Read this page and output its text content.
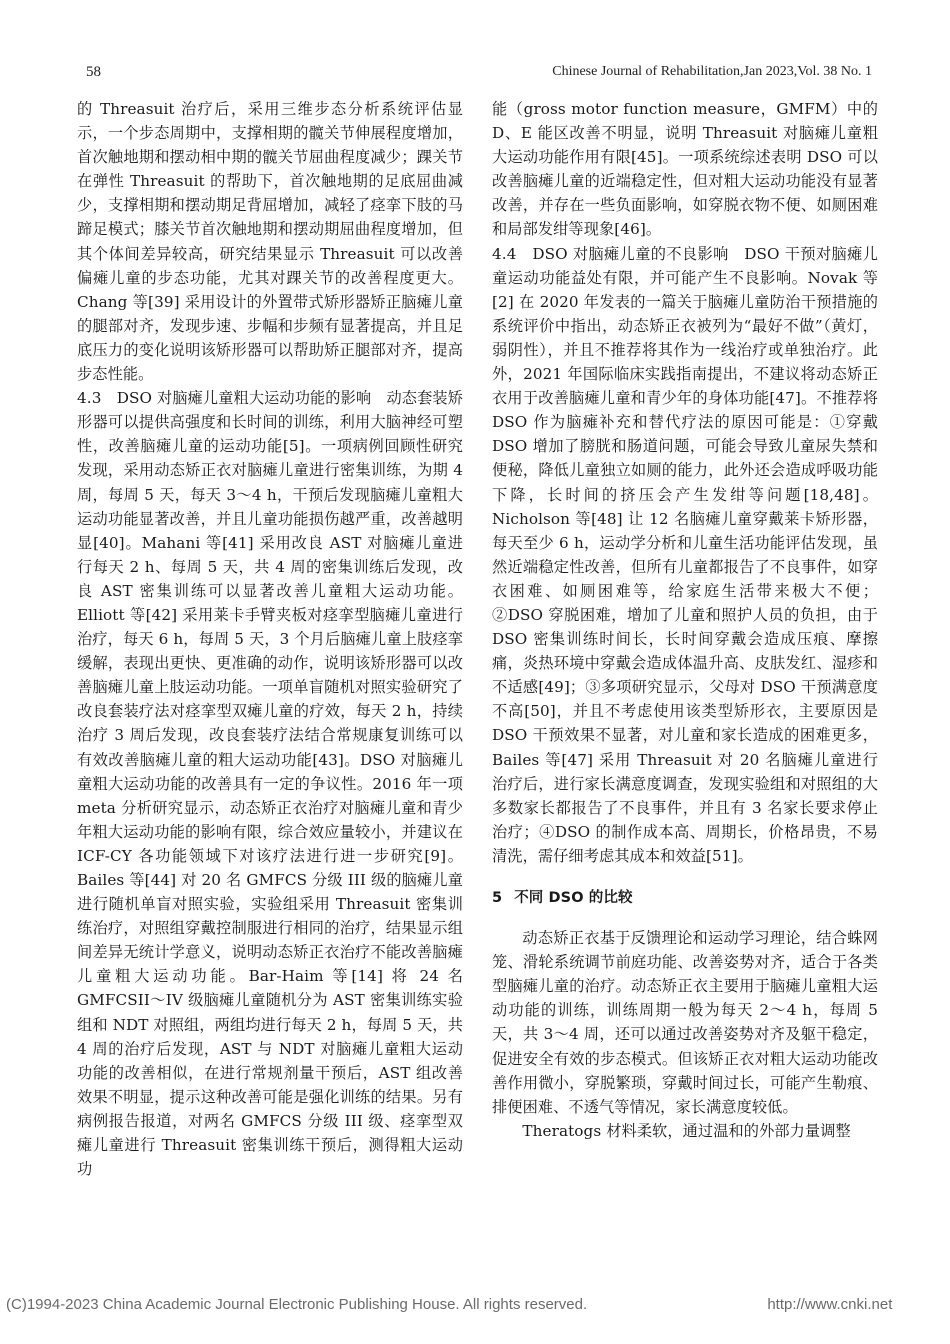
58	Chinese Journal of Rehabilitation,Jan 2023,Vol. 38 No. 1

的 Threasuit 治疗后，采用三维步态分析系统评估显示，一个步态周期中，支撑相期的髋关节伸展程度增加，首次触地期和摆动相中期的髋关节屈曲程度减少；踝关节在弹性 Threasuit 的帮助下，首次触地期的足底屈曲减少，支撑相期和摆动期足背屈增加，减轻了痉挛下肢的马蹄足模式；膝关节首次触地期和摆动期屈曲程度增加，但其个体间差异较高，研究结果显示 Threasuit 可以改善偏瘫儿童的步态功能，尤其对踝关节的改善程度更大。Chang 等[39] 采用设计的外置带式矫形器矫正脑瘫儿童的腿部对齐，发现步速、步幅和步频有显著提高，并且足底压力的变化说明该矫形器可以帮助矫正腿部对齐，提高步态性能。

4.3　DSO 对脑瘫儿童粗大运动功能的影响　动态套装矫形器可以提供高强度和长时间的训练，利用大脑神经可塑性，改善脑瘫儿童的运动功能[5]。一项病例回顾性研究发现，采用动态矫正衣对脑瘫儿童进行密集训练，为期 4 周，每周 5 天，每天 3～4 h，干预后发现脑瘫儿童粗大运动功能显著改善，并且儿童功能损伤越严重，改善越明显[40]。Mahani 等[41] 采用改良 AST 对脑瘫儿童进行每天 2 h、每周 5 天，共 4 周的密集训练后发现，改良 AST 密集训练可以显著改善儿童粗大运动功能。Elliott 等[42] 采用莱卡手臂夹板对痉挛型脑瘫儿童进行治疗，每天 6 h，每周 5 天，3 个月后脑瘫儿童上肢痉挛缓解，表现出更快、更准确的动作，说明该矫形器可以改善脑瘫儿童上肢运动功能。一项单盲随机对照实验研究了改良套装疗法对痉挛型双瘫儿童的疗效，每天 2 h，持续治疗 3 周后发现，改良套装疗法结合常规康复训练可以有效改善脑瘫儿童的粗大运动功能[43]。DSO 对脑瘫儿童粗大运动功能的改善具有一定的争议性。2016 年一项 meta 分析研究显示，动态矫正衣治疗对脑瘫儿童和青少年粗大运动功能的影响有限，综合效应量较小，并建议在 ICF-CY 各功能领域下对该疗法进行进一步研究[9]。Bailes 等[44] 对 20 名 GMFCS 分级 III 级的脑瘫儿童进行随机单盲对照实验，实验组采用 Threasuit 密集训练治疗，对照组穿戴控制服进行相同的治疗，结果显示组间差异无统计学意义，说明动态矫正衣治疗不能改善脑瘫儿童粗大运动功能。Bar-Haim 等[14] 将 24 名 GMFCSII～IV 级脑瘫儿童随机分为 AST 密集训练实验组和 NDT 对照组，两组均进行每天 2 h，每周 5 天，共 4 周的治疗后发现，AST 与 NDT 对脑瘫儿童粗大运动功能的改善相似，在进行常规剂量干预后，AST 组改善效果不明显，提示这种改善可能是强化训练的结果。另有病例报告报道，对两名 GMFCS 分级 III 级、痉挛型双瘫儿童进行 Threasuit 密集训练干预后，测得粗大运动功

能（gross motor function measure，GMFM）中的 D、E 能区改善不明显，说明 Threasuit 对脑瘫儿童粗大运动功能作用有限[45]。一项系统综述表明 DSO 可以改善脑瘫儿童的近端稳定性，但对粗大运动功能没有显著改善，并存在一些负面影响，如穿脱衣物不便、如厕困难和局部发绀等现象[46]。

4.4　DSO 对脑瘫儿童的不良影响　DSO 干预对脑瘫儿童运动功能益处有限，并可能产生不良影响。Novak 等[2] 在 2020 年发表的一篇关于脑瘫儿童防治干预措施的系统评价中指出，动态矫正衣被列为“最好不做”（黄灯，弱阴性），并且不推荐将其作为一线治疗或单独治疗。此外，2021 年国际临床实践指南提出，不建议将动态矫正衣用于改善脑瘫儿童和青少年的身体功能[47]。不推荐将 DSO 作为脑瘫补充和替代疗法的原因可能是：①穿戴 DSO 增加了膀胱和肠道问题，可能会导致儿童尿失禁和便秘，降低儿童独立如厕的能力，此外还会造成呼吸功能下降，长时间的挤压会产生发绀等问题[18,48]。Nicholson 等[48] 让 12 名脑瘫儿童穿戴莱卡矫形器，每天至少 6 h，运动学分析和儿童生活功能评估发现，虽然近端稳定性改善，但所有儿童都报告了不良事件，如穿衣困难、如厕困难等，给家庭生活带来极大不便；②DSO 穿脱困难，增加了儿童和照护人员的负担，由于 DSO 密集训练时间长，长时间穿戴会造成压痕、摩擦痛，炎热环境中穿戴会造成体温升高、皮肤发红、湿疹和不适感[49]；③多项研究显示，父母对 DSO 干预满意度不高[50]，并且不考虑使用该类型矫形衣，主要原因是 DSO 干预效果不显著，对儿童和家长造成的困难更多，Bailes 等[47] 采用 Threasuit 对 20 名脑瘫儿童进行治疗后，进行家长满意度调查，发现实验组和对照组的大多数家长都报告了不良事件，并且有 3 名家长要求停止治疗；④DSO 的制作成本高、周期长，价格昂贵，不易清洗，需仔细考虑其成本和效益[51]。

5 不同 DSO 的比较

动态矫正衣基于反馈理论和运动学习理论，结合蛛网笼、滑轮系统调节前庭功能、改善姿势对齐，适合于各类型脑瘫儿童的治疗。动态矫正衣主要用于脑瘫儿童粗大运动功能的训练，训练周期一般为每天 2～4 h，每周 5 天，共 3～4 周，还可以通过改善姿势对齐及躯干稳定，促进安全有效的步态模式。但该矫正衣对粗大运动功能改善作用微小，穿脱繁琐，穿戴时间过长，可能产生勒痕、排便困难、不透气等情况，家长满意度较低。

Theratogs 材料柔软，通过温和的外部力量调整

(C)1994-2023 China Academic Journal Electronic Publishing House. All rights reserved.	http://www.cnki.net
